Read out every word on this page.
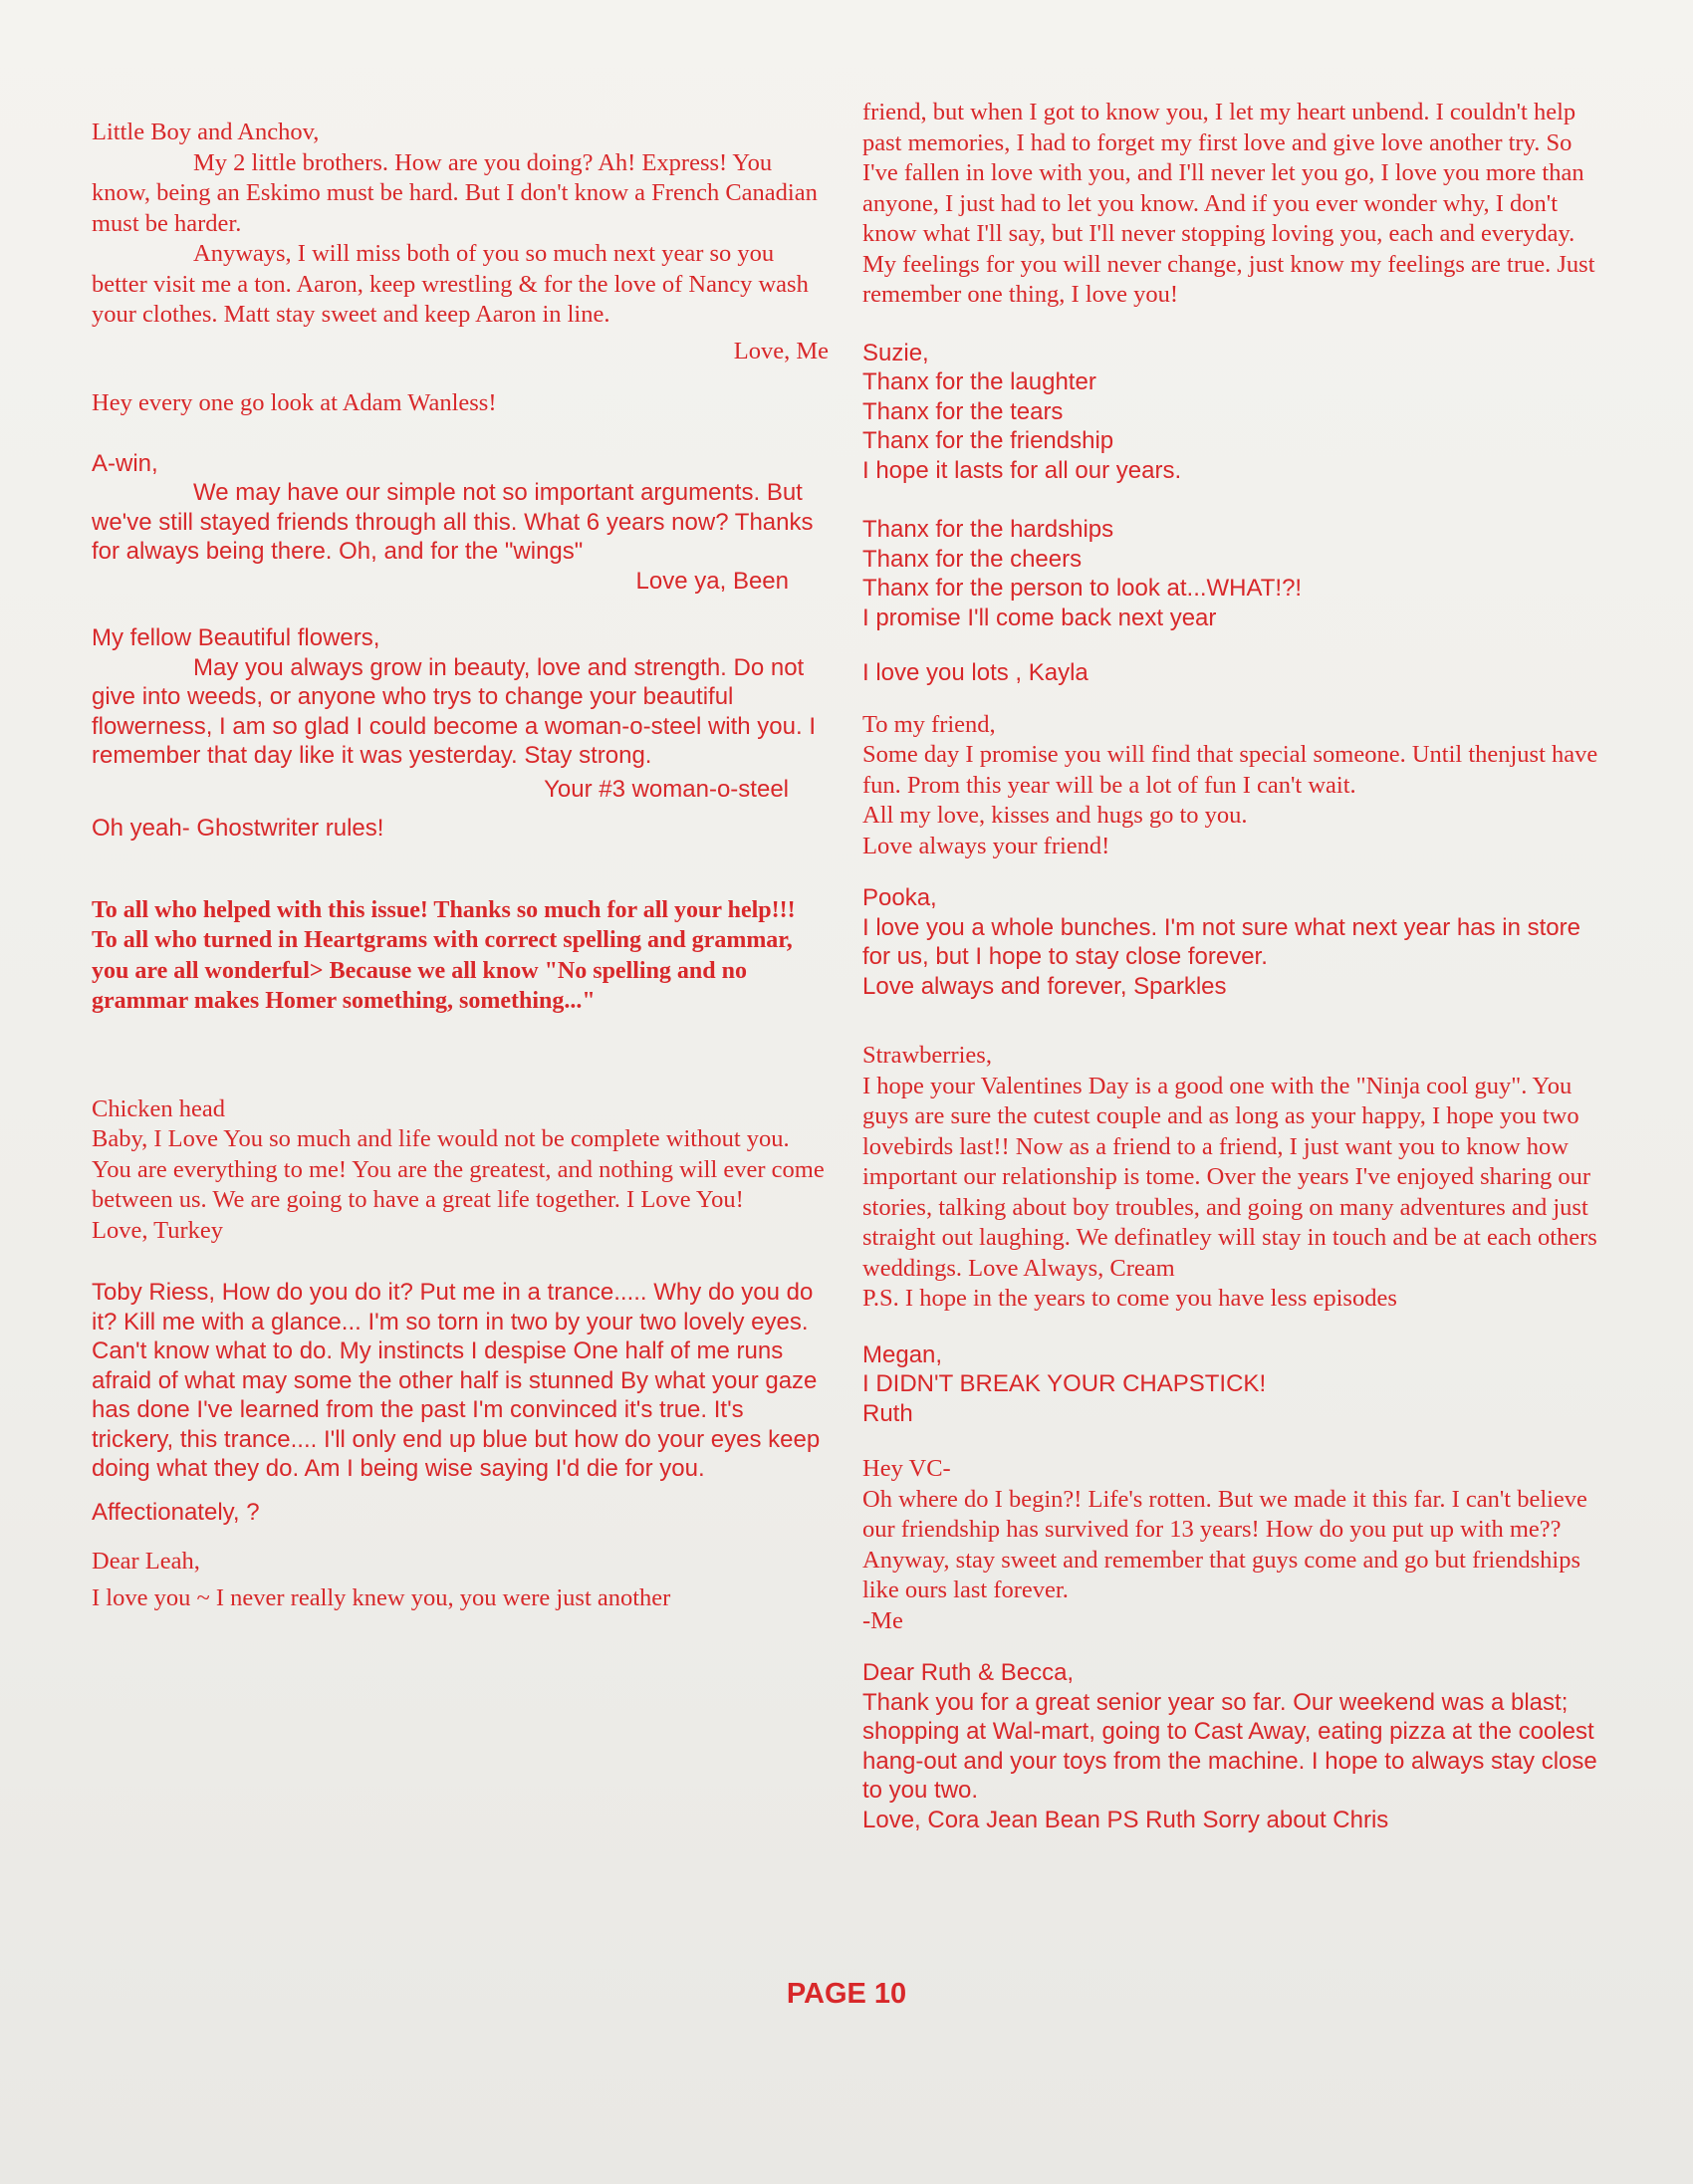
Little Boy and Anchov,

My 2 little brothers. How are you doing? Ah! Express! You know, being an Eskimo must be hard. But I don't know a French Canadian must be harder.

Anyways, I will miss both of you so much next year so you better visit me a ton. Aaron, keep wrestling & for the love of Nancy wash your clothes. Matt stay sweet and keep Aaron in line.

Love, Me

Hey every one go look at Adam Wanless!

A-win,

We may have our simple not so important arguments. But we've still stayed friends through all this. What 6 years now? Thanks for always being there. Oh, and for the "wings"

Love ya, Been

My fellow Beautiful flowers,

May you always grow in beauty, love and strength. Do not give into weeds, or anyone who trys to change your beautiful flowerness, I am so glad I could become a woman-o-steel with you. I remember that day like it was yesterday. Stay strong.

Your #3 woman-o-steel

Oh yeah- Ghostwriter rules!

To all who helped with this issue! Thanks so much for all your help!!!
To all who turned in Heartgrams with correct spelling and grammar, you are all wonderful> Because we all know "No spelling and no grammar makes Homer something, something..."

Chicken head

Baby, I Love You so much and life would not be complete without you. You are everything to me! You are the greatest, and nothing will ever come between us. We are going to have a great life together. I Love You!

Love, Turkey

Toby Riess, How do you do it? Put me in a trance..... Why do you do it? Kill me with a glance... I'm so torn in two by your two lovely eyes. Can't know what to do. My instincts I despise One half of me runs afraid of what may some the other half is stunned By what your gaze has done I've learned from the past I'm convinced it's true. It's trickery, this trance.... I'll only end up blue but how do your eyes keep doing what they do. Am I being wise saying I'd die for you.

Affectionately, ?

Dear Leah,

I love you ~ I never really knew you, you were just another

friend, but when I got to know you, I let my heart unbend. I couldn't help past memories, I had to forget my first love and give love another try. So I've fallen in love with you, and I'll never let you go, I love you more than anyone, I just had to let you know. And if you ever wonder why, I don't know what I'll say, but I'll never stopping loving you, each and everyday. My feelings for you will never change, just know my feelings are true. Just remember one thing, I love you!

Suzie,

Thanx for the laughter

Thanx for the tears

Thanx for the friendship

I hope it lasts for all our years.

Thanx for the hardships

Thanx for the cheers

Thanx for the person to look at...WHAT!?!

I promise I'll come back next year

I love you lots , Kayla

To my friend,

Some day I promise you will find that special someone. Until thenjust have fun. Prom this year will be a lot of fun I can't wait.

All my love, kisses and hugs go to you.

Love always your friend!

Pooka,

I love you a whole bunches. I'm not sure what next year has in store for us, but I hope to stay close forever.

Love always and forever, Sparkles

Strawberries,

I hope your Valentines Day is a good one with the "Ninja cool guy". You guys are sure the cutest couple and as long as your happy, I hope you two lovebirds last!! Now as a friend to a friend, I just want you to know how important our relationship is tome. Over the years I've enjoyed sharing our stories, talking about boy troubles, and going on many adventures and just straight out laughing. We definatley will stay in touch and be at each others weddings. Love Always, Cream

P.S. I hope in the years to come you have less episodes

Megan,

I DIDN'T BREAK YOUR CHAPSTICK!

Ruth

Hey VC-

Oh where do I begin?! Life's rotten. But we made it this far. I can't believe our friendship has survived for 13 years! How do you put up with me?? Anyway, stay sweet and remember that guys come and go but friendships like ours last forever.

-Me

Dear Ruth & Becca,

Thank you for a great senior year so far. Our weekend was a blast; shopping at Wal-mart, going to Cast Away, eating pizza at the coolest hang-out and your toys from the machine. I hope to always stay close to you two.

Love, Cora Jean Bean PS Ruth Sorry about Chris

PAGE 10
